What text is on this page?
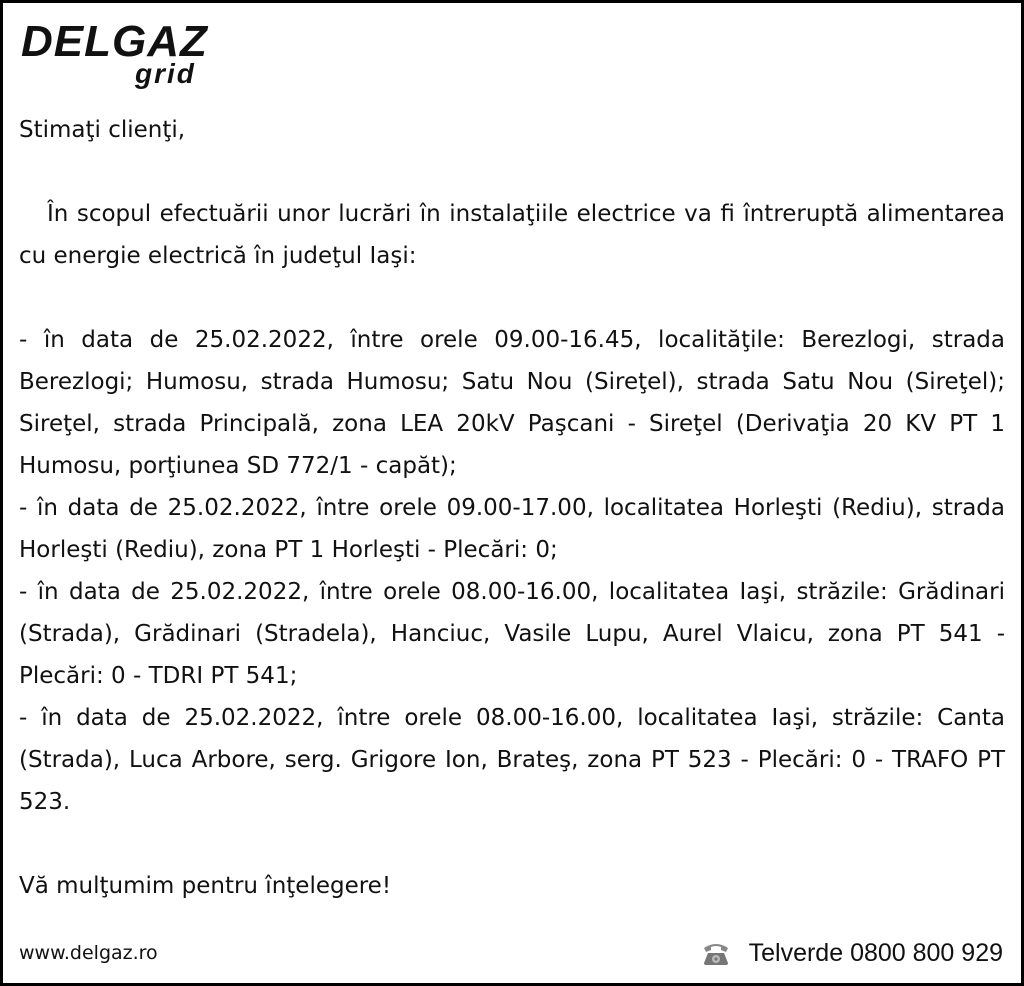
DELGAZ
grid

Stimaţi clienţi,

În scopul efectuării unor lucrări în instalaţiile electrice va fi întreruptă alimentarea cu energie electrică în judeţul Iaşi:

- în data de 25.02.2022, între orele 09.00-16.45, localităţile: Berezlogi, strada Berezlogi; Humosu, strada Humosu; Satu Nou (Sireţel), strada Satu Nou (Sireţel); Sireţel, strada Principală, zona LEA 20kV Paşcani - Sireţel (Derivaţia 20 KV PT 1 Humosu, porţiunea SD 772/1 - capăt);

- în data de 25.02.2022, între orele 09.00-17.00, localitatea Horleşti (Rediu), strada Horleşti (Rediu), zona PT 1 Horleşti - Plecări: 0;

- în data de 25.02.2022, între orele 08.00-16.00, localitatea Iaşi, străzile: Grădinari (Strada), Grădinari (Stradela), Hanciuc, Vasile Lupu, Aurel Vlaicu, zona PT 541 - Plecări: 0 - TDRI PT 541;

- în data de 25.02.2022, între orele 08.00-16.00, localitatea Iaşi, străzile: Canta (Strada), Luca Arbore, serg. Grigore Ion, Brateş, zona PT 523 - Plecări: 0 - TRAFO PT 523.

Vă mulţumim pentru înţelegere!

www.delgaz.ro	Telverde 0800 800 929
